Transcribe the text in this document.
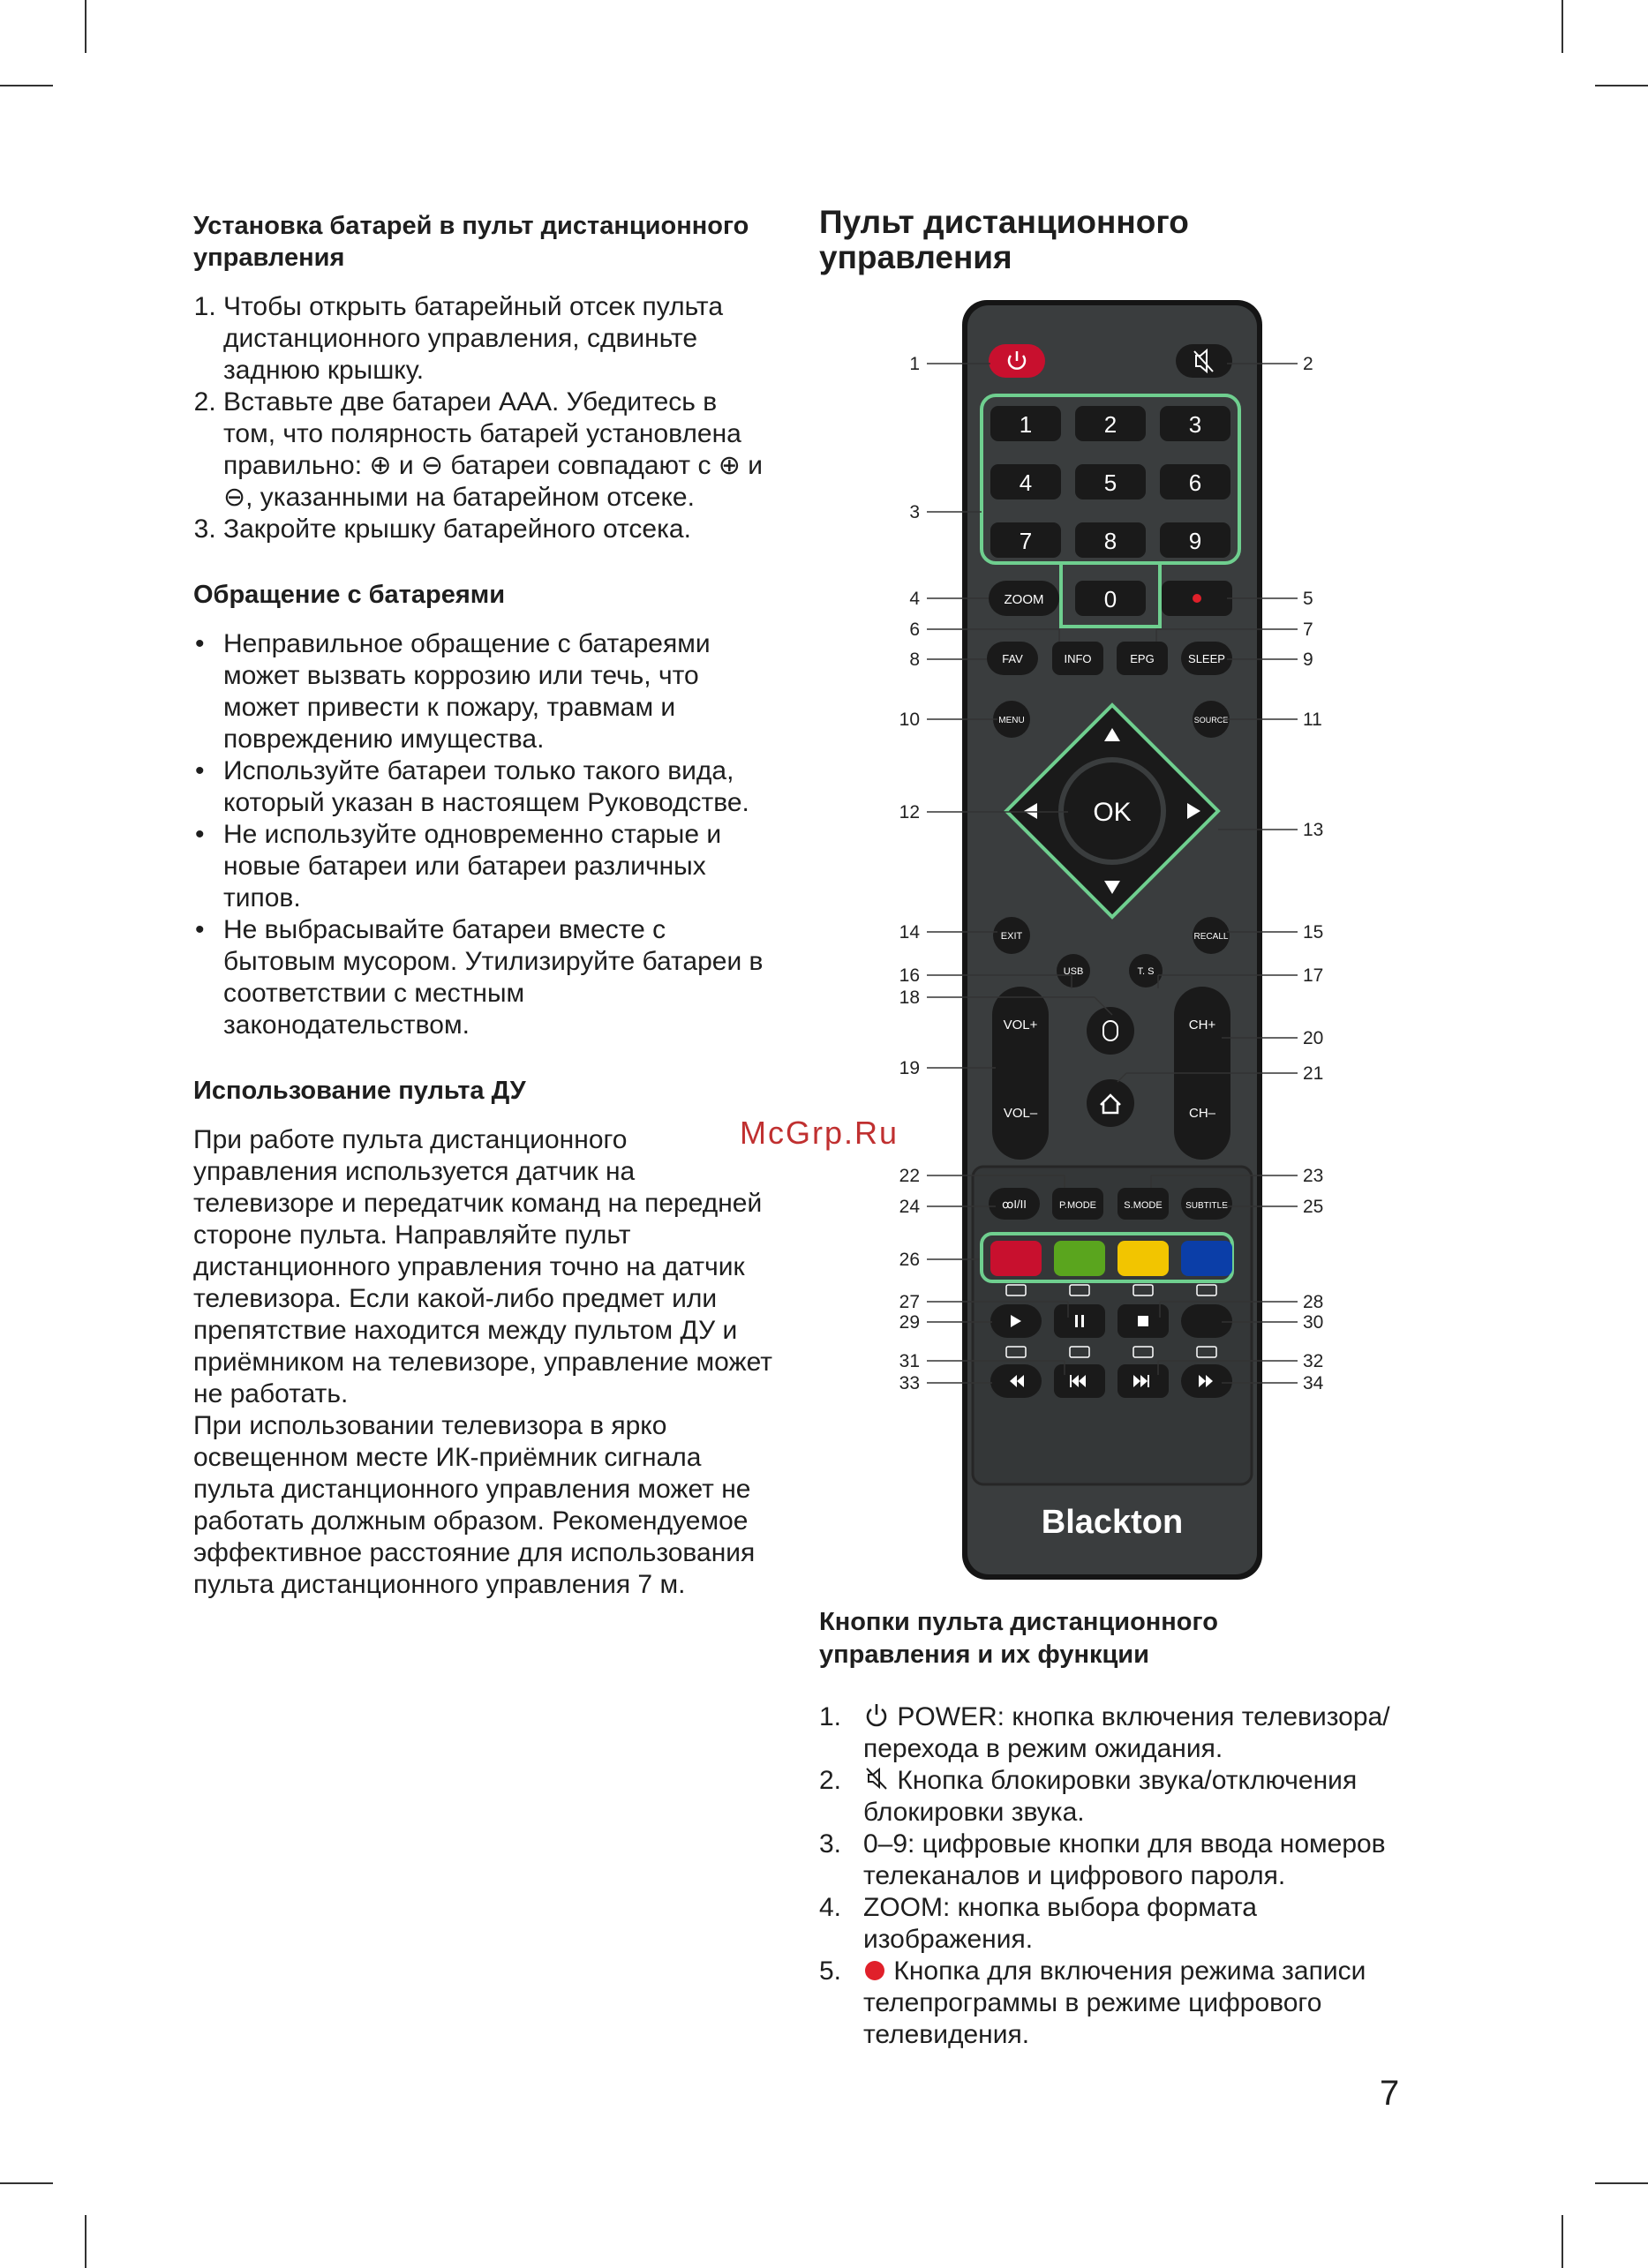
Установка батарей в пульт дистанционного управления
1. Чтобы открыть батарейный отсек пульта дистанционного управления, сдвиньте заднюю крышку.
2. Вставьте две батареи ААА. Убедитесь в том, что полярность батарей установлена правильно: ⊕ и ⊖ батареи совпадают с ⊕ и ⊖, указанными на батарейном отсеке.
3. Закройте крышку батарейного отсека.
Обращение с батареями
• Неправильное обращение с батареями может вызвать коррозию или течь, что может привести к пожару, травмам и повреждению имущества.
• Используйте батареи только такого вида, который указан в настоящем Руководстве.
• Не используйте одновременно старые и новые батареи или батареи различных типов.
• Не выбрасывайте батареи вместе с бытовым мусором. Утилизируйте батареи в соответствии с местным законодательством.
Использование пульта ДУ

При работе пульта дистанционного управления используется датчик на телевизоре и передатчик команд на передней стороне пульта. Направляйте пульт дистанционного управления точно на датчик телевизора. Если какой-либо предмет или препятствие находится между пультом ДУ и приёмником на телевизоре, управление может не работать.

При использовании телевизора в ярко освещенном месте ИК-приёмник сигнала пульта дистанционного управления может не работать должным образом. Рекомендуемое эффективное расстояние для использования пульта дистанционного управления 7 м.

McGrp.Ru
Пульт дистанционного управления
1	2	3
4	5	6
7	8	9
0
ZOOM
FAV	INFO	EPG	SLEEP
MENU	SOURCE
OK
EXIT	RECALL
USB	T. S
VOL+
VOL–
CH+
CH–
ꝏI/II	P.MODE	S.MODE	SUBTITLE
Blackton
1
3
4
6
8
10
12
14
16
18
19
22
24
26
27
29
31
33
2
5
7
9
11
13
15
17
20
21
23
25
28
30
32
34
Кнопки пульта дистанционного управления и их функции
1. POWER: кнопка включения телевизора/перехода в режим ожидания.
2. Кнопка блокировки звука/отключения блокировки звука.
3. 0–9: цифровые кнопки для ввода номеров телеканалов и цифрового пароля.
4. ZOOM: кнопка выбора формата изображения.
5. Кнопка для включения режима записи телепрограммы в режиме цифрового телевидения.
7
